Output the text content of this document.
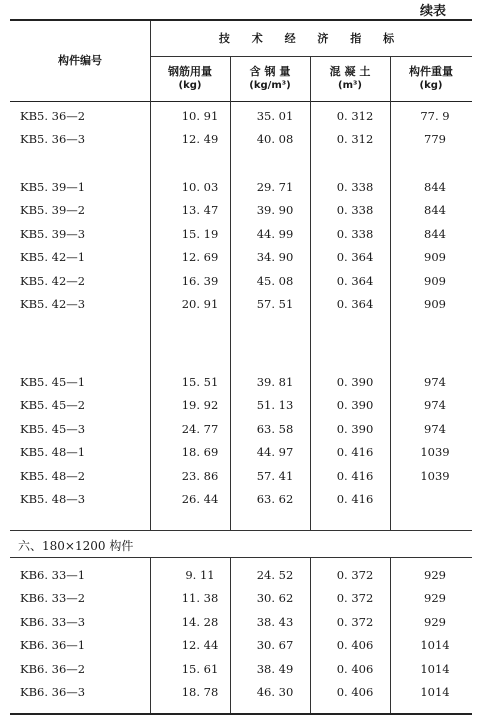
续表
构件编号
技 术 经 济 指 标
钢筋用量
(kg)
含 钢 量
(kg/m³)
混 凝 土
(m³)
构件重量
(kg)
六、180×1200 构件
KB5. 36—2	10. 91	35. 01	0. 312	77. 9
KB5. 36—3	12. 49	40. 08	0. 312	779
KB5. 39—1	10. 03	29. 71	0. 338	844
KB5. 39—2	13. 47	39. 90	0. 338	844
KB5. 39—3	15. 19	44. 99	0. 338	844
KB5. 42—1	12. 69	34. 90	0. 364	909
KB5. 42—2	16. 39	45. 08	0. 364	909
KB5. 42—3	20. 91	57. 51	0. 364	909
KB5. 45—1	15. 51	39. 81	0. 390	974
KB5. 45—2	19. 92	51. 13	0. 390	974
KB5. 45—3	24. 77	63. 58	0. 390	974
KB5. 48—1	18. 69	44. 97	0. 416	1039
KB5. 48—2	23. 86	57. 41	0. 416	1039
KB5. 48—3	26. 44	63. 62	0. 416
KB6. 33—1	9. 11	24. 52	0. 372	929
KB6. 33—2	11. 38	30. 62	0. 372	929
KB6. 33—3	14. 28	38. 43	0. 372	929
KB6. 36—1	12. 44	30. 67	0. 406	1014
KB6. 36—2	15. 61	38. 49	0. 406	1014
KB6. 36—3	18. 78	46. 30	0. 406	1014
